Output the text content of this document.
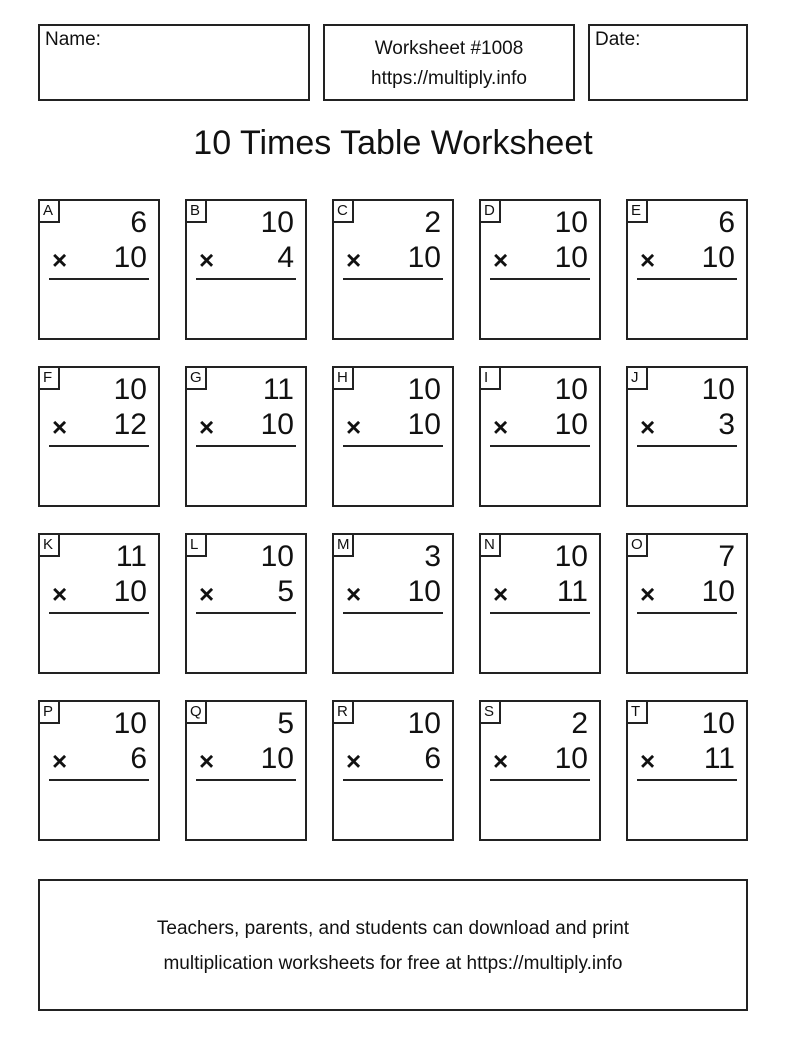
Name:	Worksheet #1008
https://multiply.info
Date:
10 Times Table Worksheet
A	6
× 10
B 10
× 4
C	2
× 10
D 10
× 10
E	6
× 10
F 10
× 12
G 11
× 10
H 10
× 10
I	10
× 10
J	10
× 3
K 11
× 10
L 10
× 5
M 3
× 10
N 10
× 11
O	7
× 10
P 10
× 6
Q	5
× 10
R 10
× 6
S	2
× 10
T 10
× 11
Teachers, parents, and students can download and print
multiplication worksheets for free at https://multiply.info
